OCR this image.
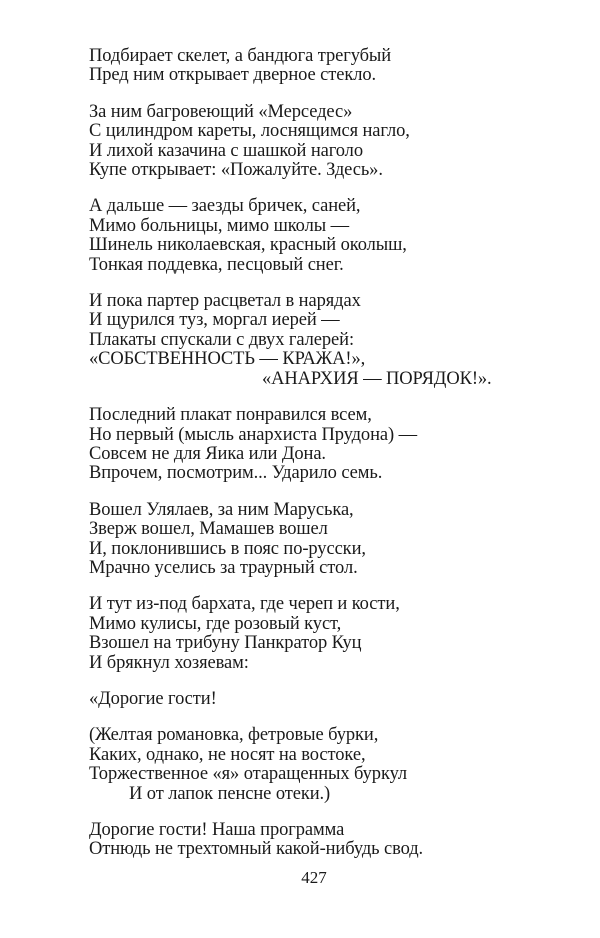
Подбирает скелет, а бандюга трегубый
Пред ним открывает дверное стекло.
За ним багровеющий «Мерседес»
С цилиндром кареты, лоснящимся нагло,
И лихой казачина с шашкой наголо
Купе открывает: «Пожалуйте. Здесь».
А дальше — заезды бричек, саней,
Мимо больницы, мимо школы —
Шинель николаевская, красный околыш,
Тонкая поддевка, песцовый снег.
И пока партер расцветал в нарядах
И щурился туз, моргал иерей —
Плакаты спускали с двух галерей:
«СОБСТВЕННОСТЬ — КРАЖА!»,
«АНАРХИЯ — ПОРЯДОК!».
Последний плакат понравился всем,
Но первый (мысль анархиста Прудона) —
Совсем не для Яика или Дона.
Впрочем, посмотрим... Ударило семь.
Вошел Улялаев, за ним Маруська,
Зверж вошел, Мамашев вошел
И, поклонившись в пояс по-русски,
Мрачно уселись за траурный стол.
И тут из-под бархата, где череп и кости,
Мимо кулисы, где розовый куст,
Взошел на трибуну Панкратор Куц
И брякнул хозяевам:
«Дорогие гости!
(Желтая романовка, фетровые бурки,
Каких, однако, не носят на востоке,
Торжественное «я» отаращенных буркул
И от лапок пенсне отеки.)
Дорогие гости! Наша программа
Отнюдь не трехтомный какой-нибудь свод.
427
